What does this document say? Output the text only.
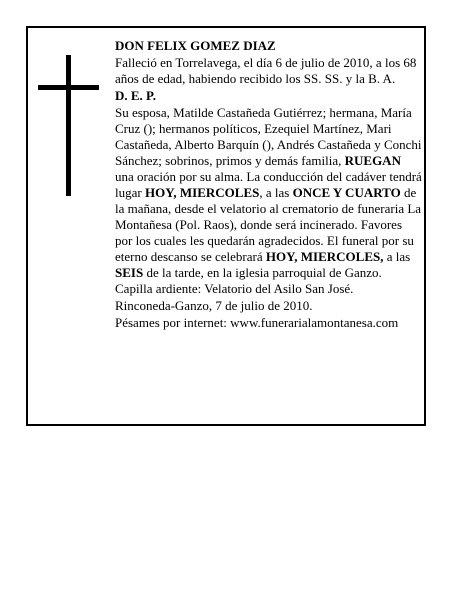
DON FELIX GOMEZ DIAZ

Falleció en Torrelavega, el día 6 de julio de 2010, a los 68 años de edad, habiendo recibido los SS. SS. y la B. A.

D. E. P.

Su esposa, Matilde Castañeda Gutiérrez; hermana, María Cruz (); hermanos políticos, Ezequiel Martínez, Mari Castañeda, Alberto Barquín (), Andrés Castañeda y Conchi Sánchez; sobrinos, primos y demás familia, RUEGAN una oración por su alma. La conducción del cadáver tendrá lugar HOY, MIERCOLES, a las ONCE Y CUARTO de la mañana, desde el velatorio al crematorio de funeraria La Montañesa (Pol. Raos), donde será incinerado. Favores por los cuales les quedarán agradecidos. El funeral por su eterno descanso se celebrará HOY, MIERCOLES, a las SEIS de la tarde, en la iglesia parroquial de Ganzo. Capilla ardiente: Velatorio del Asilo San José.

Rinconeda-Ganzo, 7 de julio de 2010.

Pésames por internet: www.funerarialamontanesa.com
